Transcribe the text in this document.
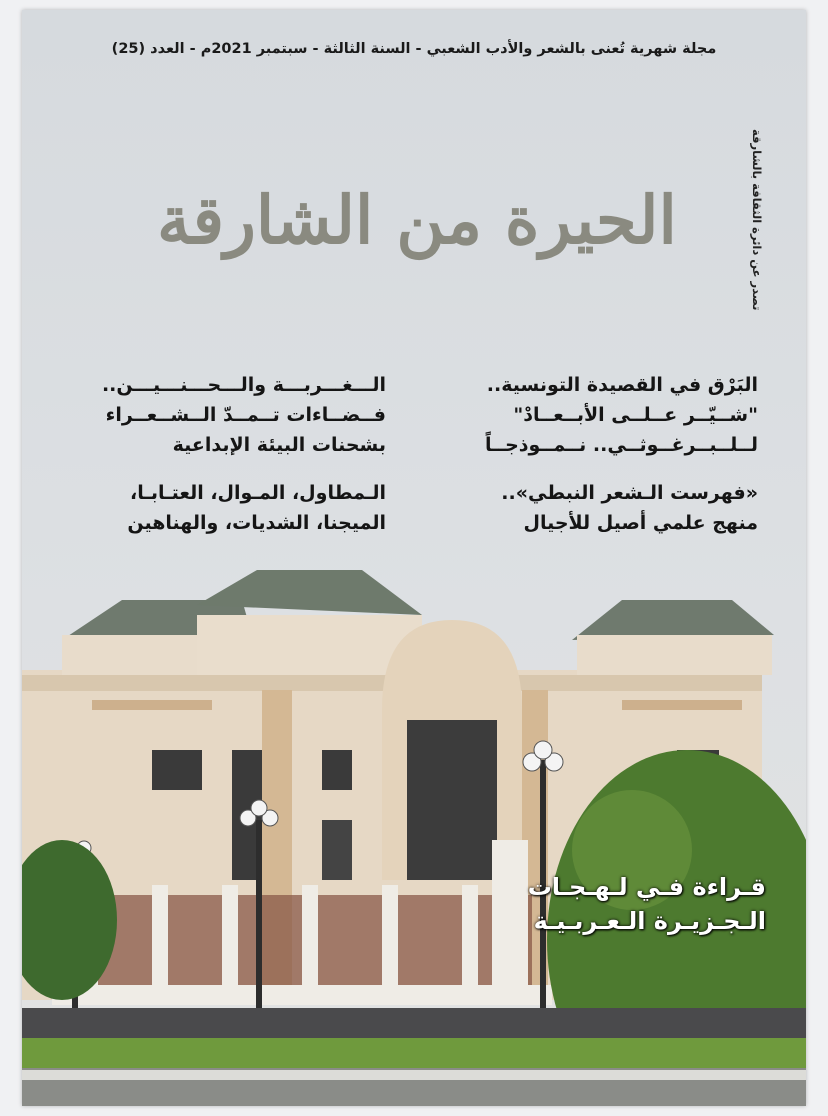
مجلة شهرية تُعنى بالشعر والأدب الشعبي - السنة الثالثة - سبتمبر 2021م - العدد (25)
تصدر عن دائرة الثقافة بالشارقة
الحيرة من الشارقة

البَرْق في القصيدة التونسية..

"شــيّــر عــلــى الأبــعــادْ"

لــلــبــرغــوثــي.. نــمــوذجــاً

«فهرست الـشعر النبطي»..

منهج علمي أصيل للأجيال

الـــغـــربـــة والـــحـــنـــيـــن..

فــضــاءات تــمــدّ الــشــعــراء

بشحنات البيئة الإبداعية

الـمطاول، المـوال، العتـابـا،

الميجنا، الشديات، والهناهين

قـراءة فـي لـهـجـات
الـجـزيـرة الـعـربـيـة
